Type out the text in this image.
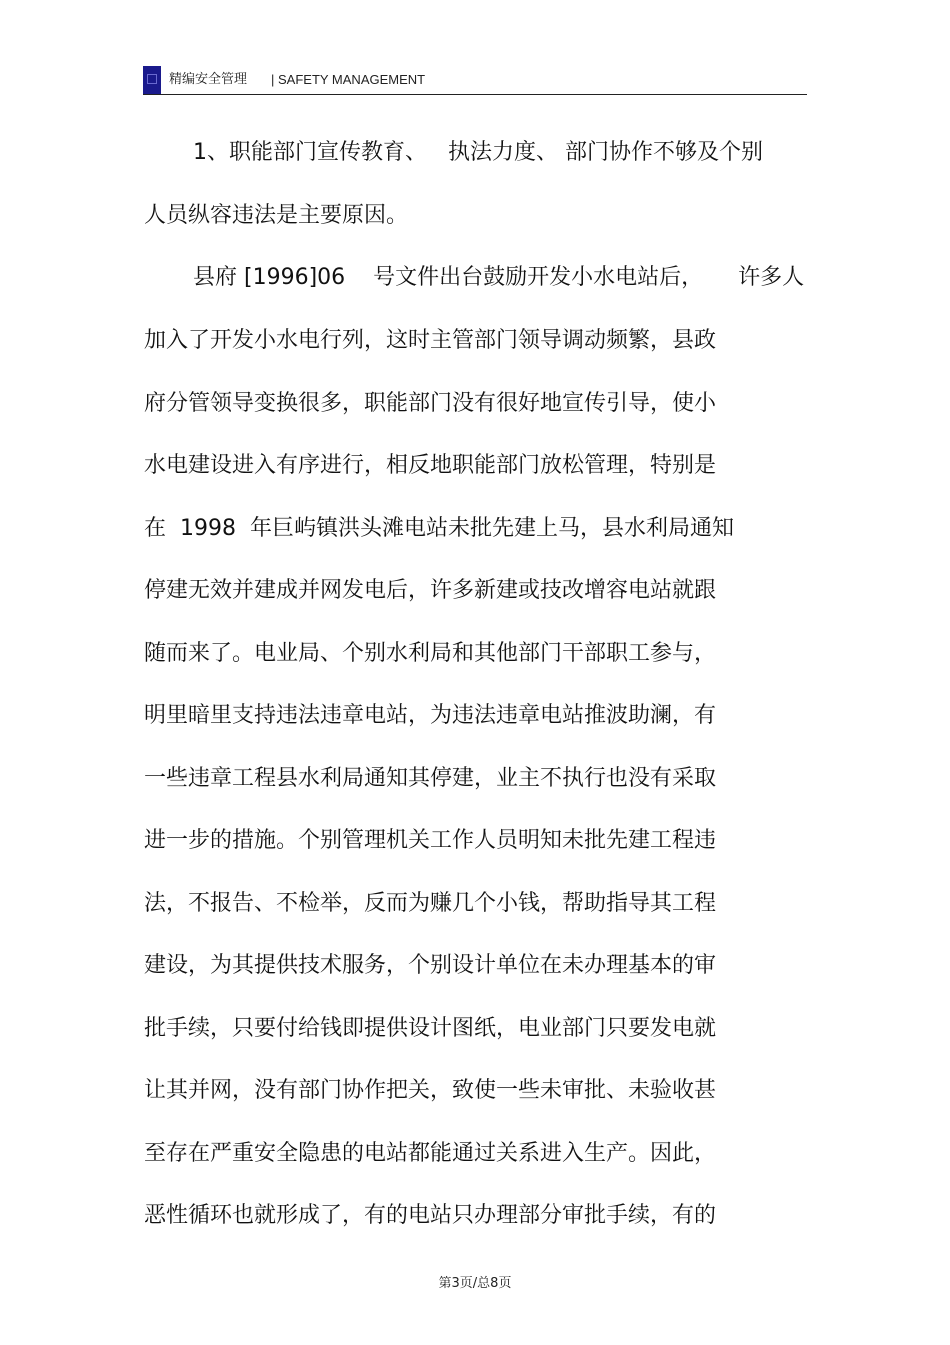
精编安全管理 | SAFETY MANAGEMENT
1、职能部门宣传教育、   执法力度、 部门协作不够及个别
人员纵容违法是主要原因。
县府 [1996]06    号文件出台鼓励开发小水电站后，     许多人
加入了开发小水电行列，这时主管部门领导调动频繁，县政
府分管领导变换很多，职能部门没有很好地宣传引导，使小
水电建设进入有序进行，相反地职能部门放松管理，特别是
在  1998  年巨屿镇洪头滩电站未批先建上马，县水利局通知
停建无效并建成并网发电后，许多新建或技改增容电站就跟
随而来了。电业局、个别水利局和其他部门干部职工参与，
明里暗里支持违法违章电站，为违法违章电站推波助澜，有
一些违章工程县水利局通知其停建，业主不执行也没有采取
进一步的措施。个别管理机关工作人员明知未批先建工程违
法，不报告、不检举，反而为赚几个小钱，帮助指导其工程
建设，为其提供技术服务，个别设计单位在未办理基本的审
批手续，只要付给钱即提供设计图纸，电业部门只要发电就
让其并网，没有部门协作把关，致使一些未审批、未验收甚
至存在严重安全隐患的电站都能通过关系进入生产。因此，
恶性循环也就形成了，有的电站只办理部分审批手续，有的
第3页/总8页
